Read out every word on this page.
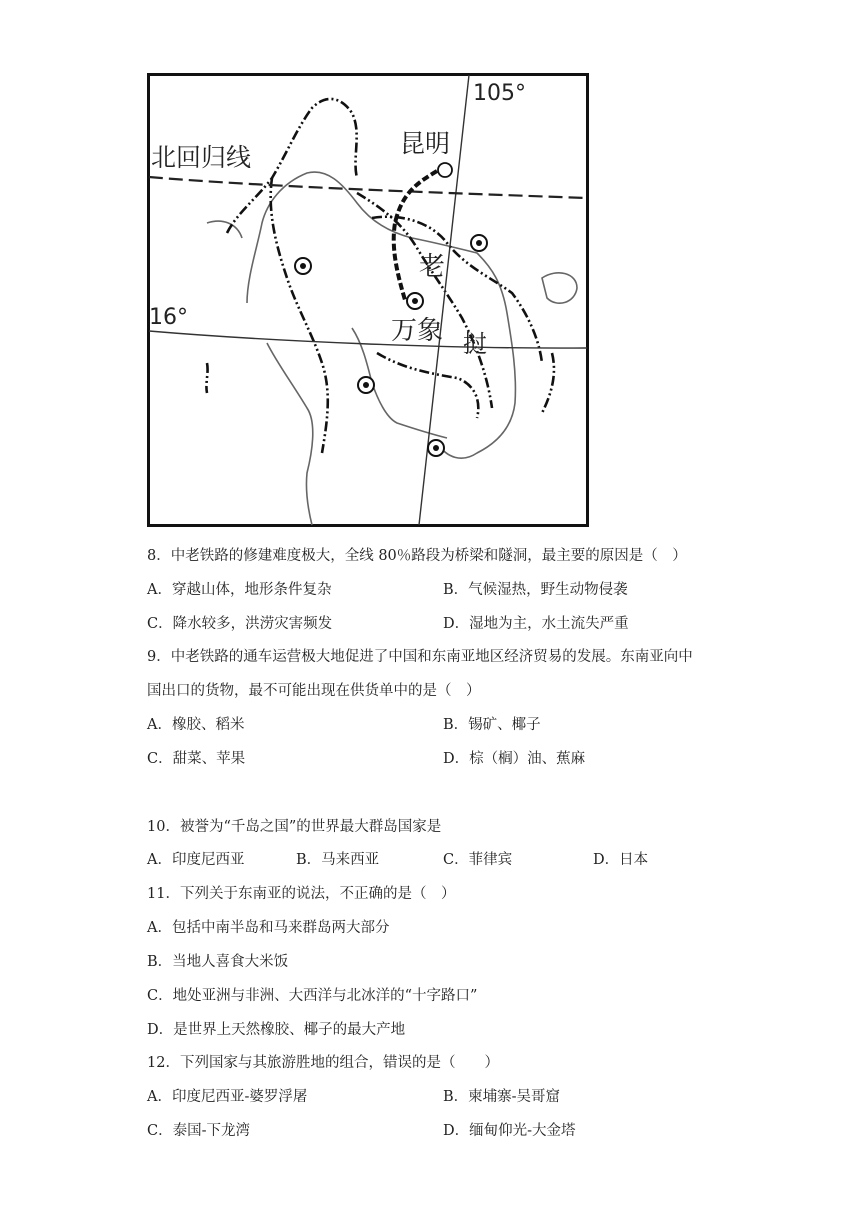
105°
16°
北回归线	昆明
老
万象 挝
8．中老铁路的修建难度极大，全线 80％路段为桥梁和隧洞，最主要的原因是（　）
A．穿越山体，地形条件复杂	B．气候湿热，野生动物侵袭
C．降水较多，洪涝灾害频发	D．湿地为主，水土流失严重
9．中老铁路的通车运营极大地促进了中国和东南亚地区经济贸易的发展。东南亚向中
国出口的货物，最不可能出现在供货单中的是（　）
A．橡胶、稻米	B．锡矿、椰子
C．甜菜、苹果	D．棕（榈）油、蕉麻
10．被誉为“千岛之国”的世界最大群岛国家是
A．印度尼西亚	B．马来西亚	C．菲律宾	D．日本
11．下列关于东南亚的说法，不正确的是（　）
A．包括中南半岛和马来群岛两大部分
B．当地人喜食大米饭
C．地处亚洲与非洲、大西洋与北冰洋的“十字路口”
D．是世界上天然橡胶、椰子的最大产地
12．下列国家与其旅游胜地的组合，错误的是（　　）
A．印度尼西亚-婆罗浮屠	B．柬埔寨-吴哥窟
C．泰国-下龙湾	D．缅甸仰光-大金塔
